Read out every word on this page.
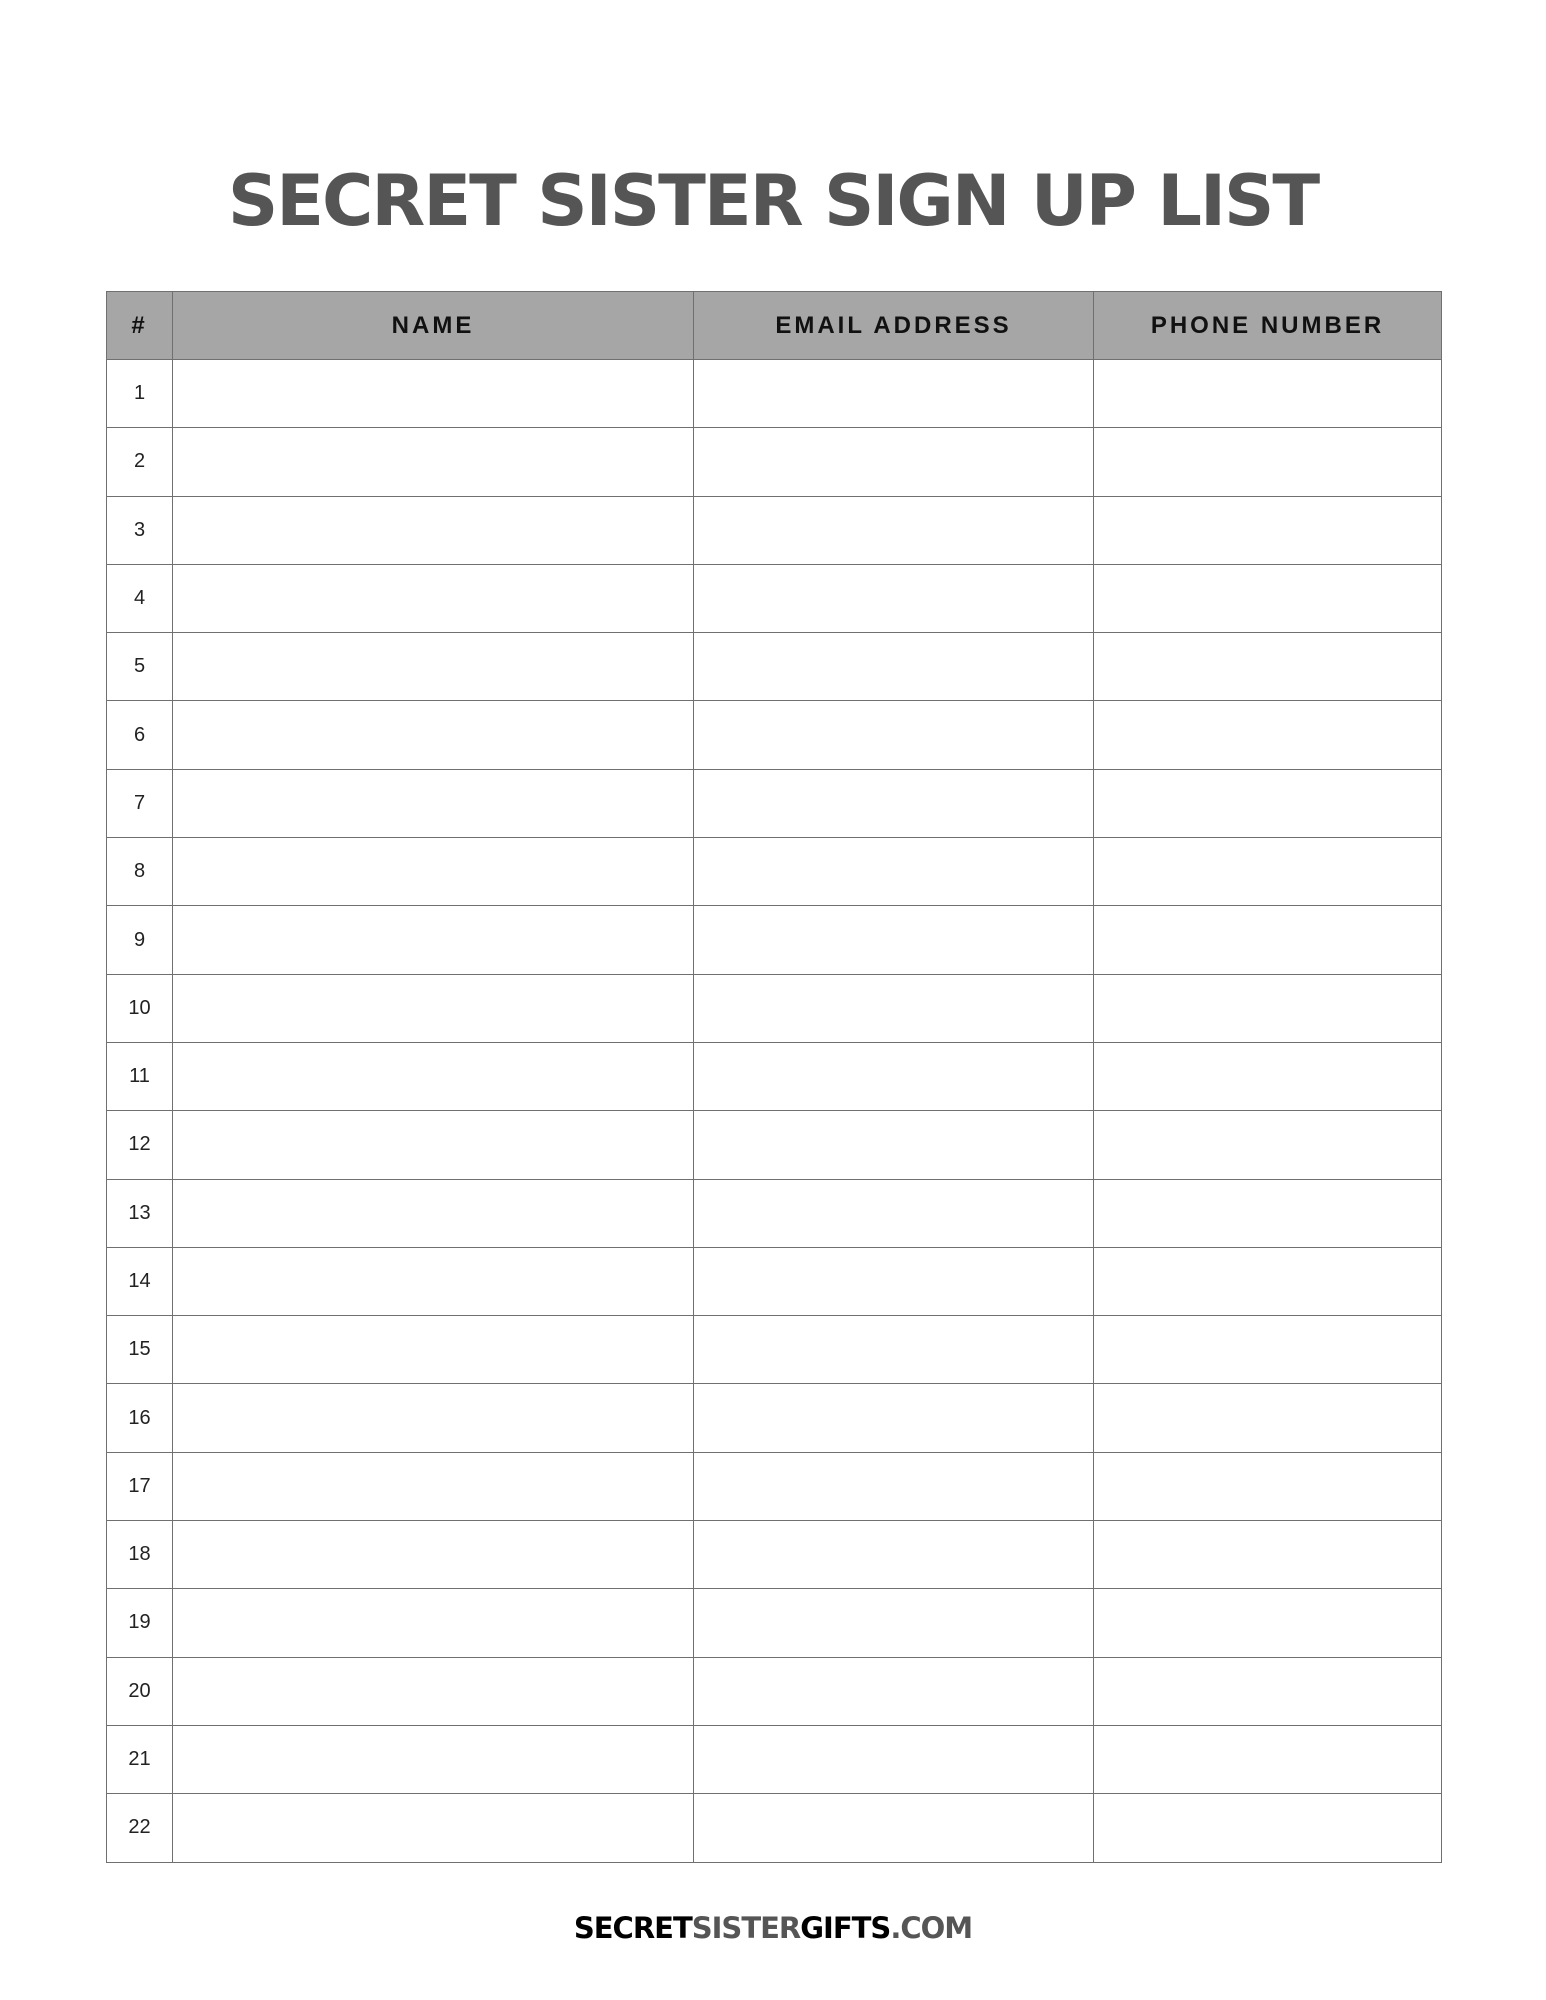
SECRET SISTER SIGN UP LIST
#	NAME	EMAIL ADDRESS	PHONE NUMBER
1			
2			
3			
4			
5			
6			
7			
8			
9			
10			
11			
12			
13			
14			
15			
16			
17			
18			
19			
20			
21			
22			
SECRETSISTERGIFTS.COM
